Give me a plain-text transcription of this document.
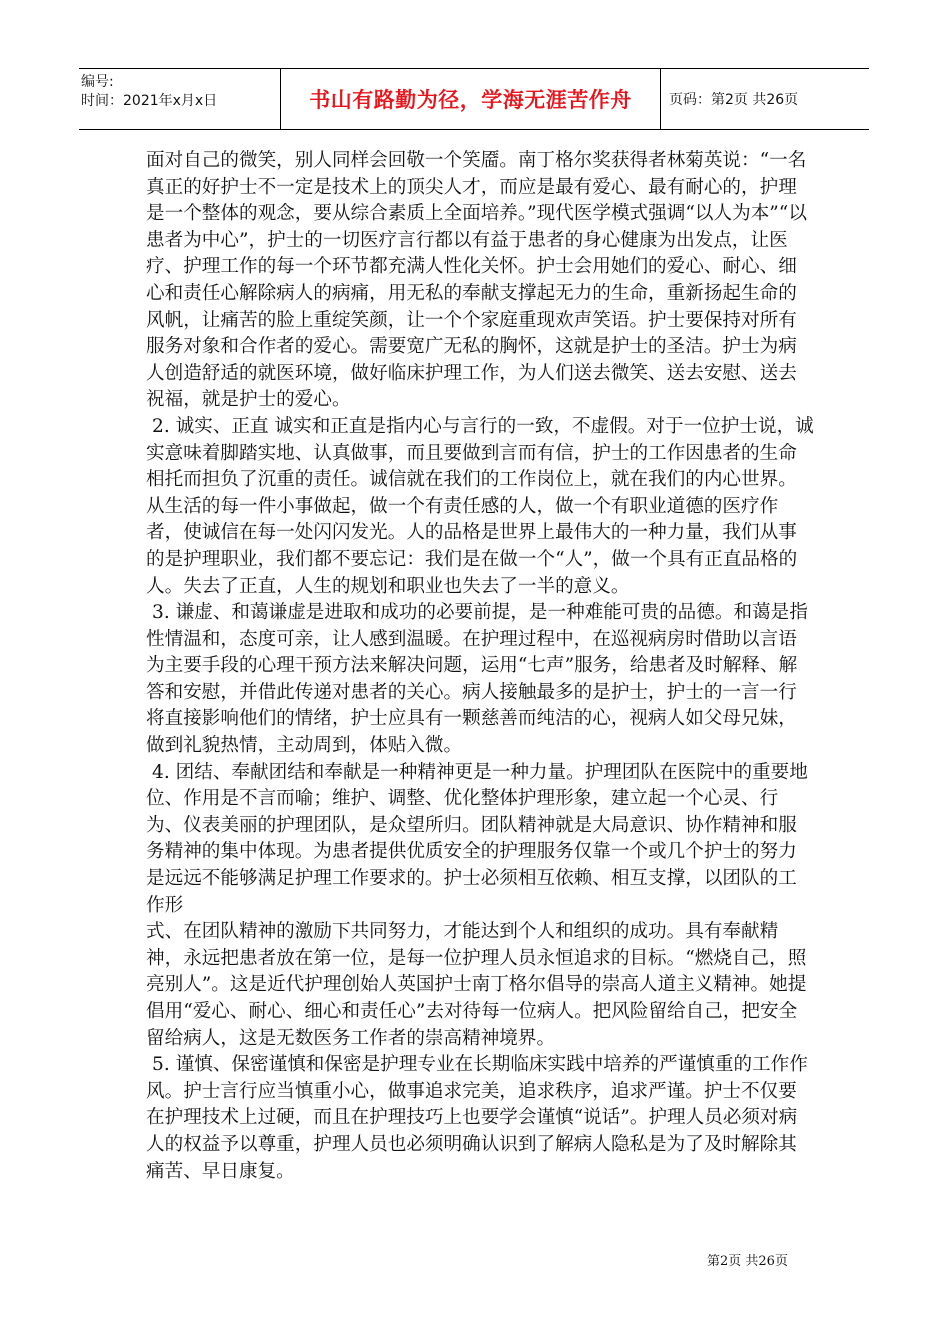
编号:
时间：2021年x月x日	书山有路勤为径，学海无涯苦作舟	页码：第2页 共26页

面对自己的微笑，别人同样会回敬一个笑靥。南丁格尔奖获得者林菊英说：“一名真正的好护士不一定是技术上的顶尖人才，而应是最有爱心、最有耐心的，护理是一个整体的观念，要从综合素质上全面培养。”现代医学模式强调“以人为本”“以患者为中心”，护士的一切医疗言行都以有益于患者的身心健康为出发点，让医疗、护理工作的每一个环节都充满人性化关怀。护士会用她们的爱心、耐心、细心和责任心解除病人的病痛，用无私的奉献支撑起无力的生命，重新扬起生命的风帆，让痛苦的脸上重绽笑颜，让一个个家庭重现欢声笑语。护士要保持对所有服务对象和合作者的爱心。需要宽广无私的胸怀，这就是护士的圣洁。护士为病人创造舒适的就医环境，做好临床护理工作，为人们送去微笑、送去安慰、送去祝福，就是护士的爱心。

2. 诚实、正直 诚实和正直是指内心与言行的一致，不虚假。对于一位护士说，诚实意味着脚踏实地、认真做事，而且要做到言而有信，护士的工作因患者的生命相托而担负了沉重的责任。诚信就在我们的工作岗位上，就在我们的内心世界。从生活的每一件小事做起，做一个有责任感的人，做一个有职业道德的医疗作者，使诚信在每一处闪闪发光。人的品格是世界上最伟大的一种力量，我们从事的是护理职业，我们都不要忘记：我们是在做一个“人”，做一个具有正直品格的人。失去了正直，人生的规划和职业也失去了一半的意义。

3. 谦虚、和蔼谦虚是进取和成功的必要前提，是一种难能可贵的品德。和蔼是指性情温和，态度可亲，让人感到温暖。在护理过程中，在巡视病房时借助以言语为主要手段的心理干预方法来解决问题，运用“七声”服务，给患者及时解释、解答和安慰，并借此传递对患者的关心。病人接触最多的是护士，护士的一言一行将直接影响他们的情绪，护士应具有一颗慈善而纯洁的心，视病人如父母兄妹，做到礼貌热情，主动周到，体贴入微。

4. 团结、奉献团结和奉献是一种精神更是一种力量。护理团队在医院中的重要地位、作用是不言而喻；维护、调整、优化整体护理形象，建立起一个心灵、行为、仪表美丽的护理团队，是众望所归。团队精神就是大局意识、协作精神和服务精神的集中体现。为患者提供优质安全的护理服务仅靠一个或几个护士的努力是远远不能够满足护理工作要求的。护士必须相互依赖、相互支撑，以团队的工作形

式、在团队精神的激励下共同努力，才能达到个人和组织的成功。具有奉献精神，永远把患者放在第一位，是每一位护理人员永恒追求的目标。“燃烧自己，照亮别人”。这是近代护理创始人英国护士南丁格尔倡导的崇高人道主义精神。她提倡用“爱心、耐心、细心和责任心”去对待每一位病人。把风险留给自己，把安全留给病人，这是无数医务工作者的崇高精神境界。

5. 谨慎、保密谨慎和保密是护理专业在长期临床实践中培养的严谨慎重的工作作风。护士言行应当慎重小心，做事追求完美，追求秩序，追求严谨。护士不仅要在护理技术上过硬，而且在护理技巧上也要学会谨慎“说话”。护理人员必须对病人的权益予以尊重，护理人员也必须明确认识到了解病人隐私是为了及时解除其痛苦、早日康复。

第2页 共26页
